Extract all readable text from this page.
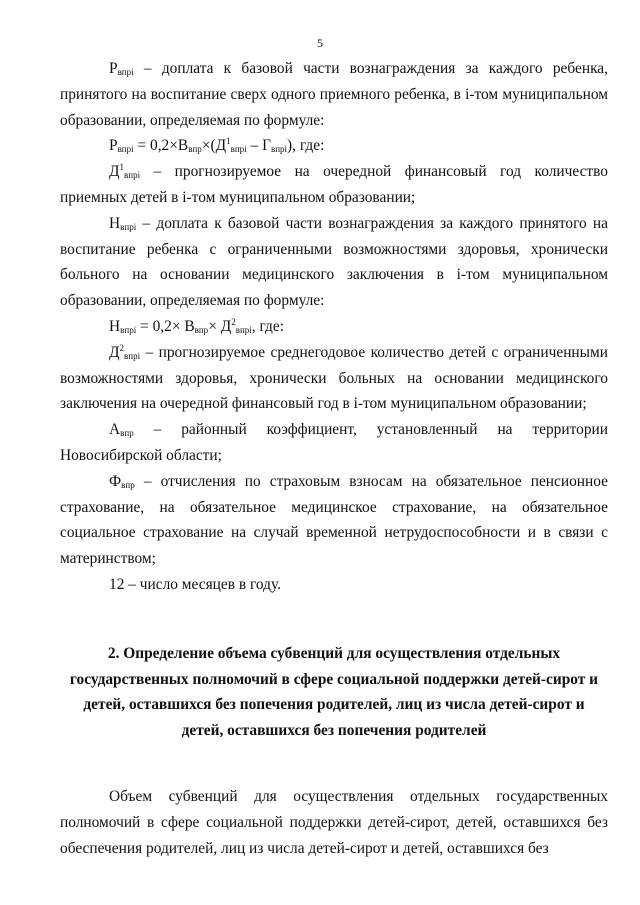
5

$Р_{впрi}$ – доплата к базовой части вознаграждения за каждого ребенка, принятого на воспитание сверх одного приемного ребенка, в i-том муниципальном образовании, определяемая по формуле:

$Р_{впрi} = 0,2\times В_{впр}\times(Д^1_{впрi} - Г_{впрi})$, где:

$Д^1_{впрi}$ – прогнозируемое на очередной финансовый год количество приемных детей в i-том муниципальном образовании;

$Н_{впрi}$ – доплата к базовой части вознаграждения за каждого принятого на воспитание ребенка с ограниченными возможностями здоровья, хронически больного на основании медицинского заключения в i-том муниципальном образовании, определяемая по формуле:

$Н_{впрi} = 0,2\times В_{впр}\times Д^2_{впрi}$, где:

$Д^2_{впрi}$ – прогнозируемое среднегодовое количество детей с ограниченными возможностями здоровья, хронически больных на основании медицинского заключения на очередной финансовый год в i-том муниципальном образовании;

$А_{впр}$ – районный коэффициент, установленный на территории Новосибирской области;

$Ф_{впр}$ – отчисления по страховым взносам на обязательное пенсионное страхование, на обязательное медицинское страхование, на обязательное социальное страхование на случай временной нетрудоспособности и в связи с материнством;

12 – число месяцев в году.

2. Определение объема субвенций для осуществления отдельных государственных полномочий в сфере социальной поддержки детей-сирот и детей, оставшихся без попечения родителей, лиц из числа детей-сирот и детей, оставшихся без попечения родителей

Объем субвенций для осуществления отдельных государственных полномочий в сфере социальной поддержки детей-сирот, детей, оставшихся без обеспечения родителей, лиц из числа детей-сирот и детей, оставшихся без
